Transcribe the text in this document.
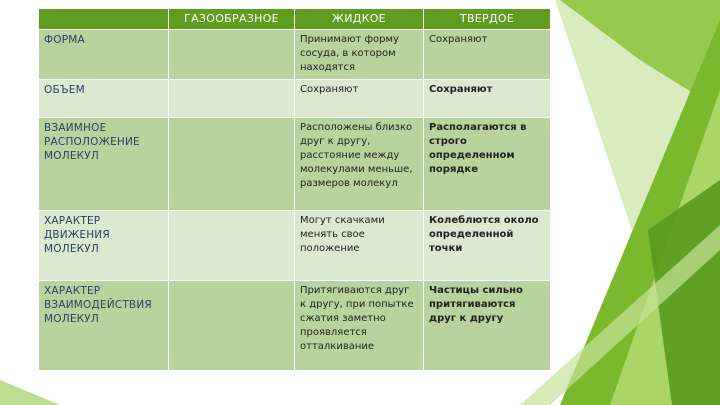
	ГАЗООБРАЗНОЕ	ЖИДКОЕ	ТВЕРДОЕ
ФОРМА		Принимают форму сосуда, в котором находятся	Сохраняют
ОБЪЕМ		Сохраняют	Сохраняют
ВЗАИМНОЕ РАСПОЛОЖЕНИЕ МОЛЕКУЛ		Расположены близко друг к другу, расстояние между молекулами меньше, размеров молекул	Располагаются в строго определенном порядке
ХАРАКТЕР ДВИЖЕНИЯ МОЛЕКУЛ		Могут скачками менять свое положение	Колеблются около определенной точки
ХАРАКТЕР ВЗАИМОДЕЙСТВИЯ МОЛЕКУЛ		Притягиваются друг к другу, при попытке сжатия заметно проявляется отталкивание	Частицы сильно притягиваются друг к другу
